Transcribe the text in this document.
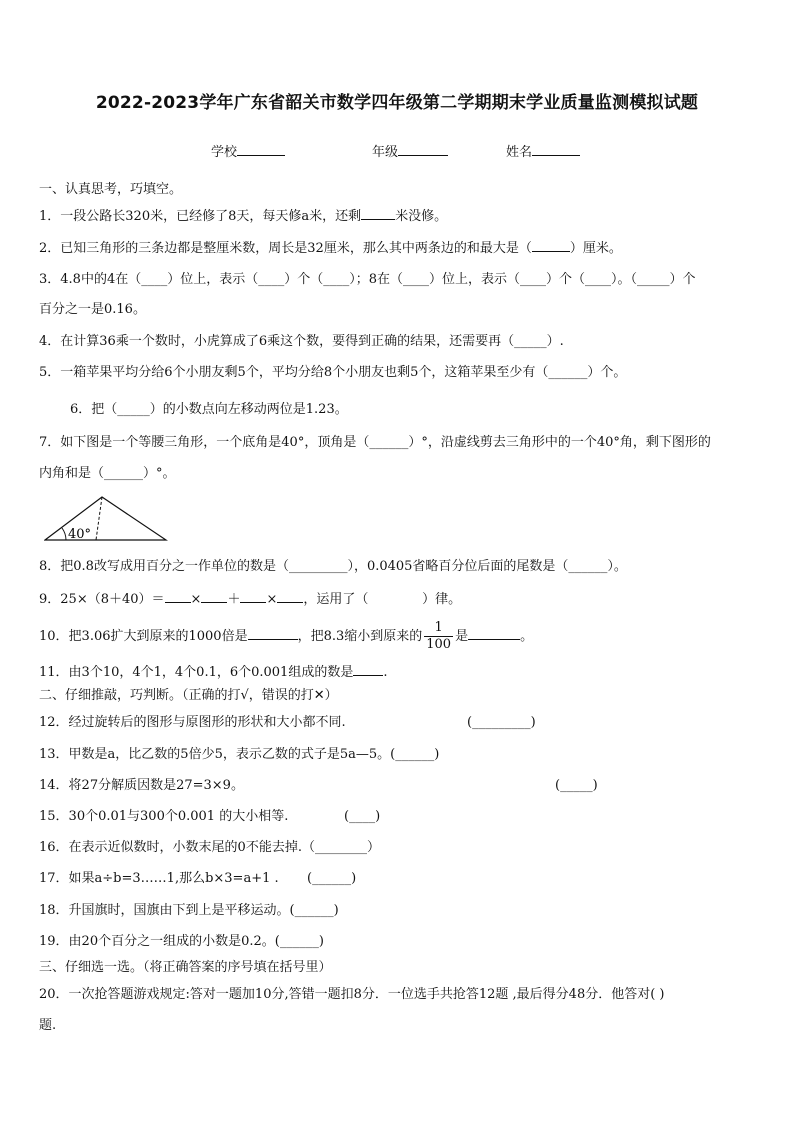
2022-2023学年广东省韶关市数学四年级第二学期期末学业质量监测模拟试题
学校	年级	姓名
一、认真思考，巧填空。
1．一段公路长320米，已经修了8天，每天修a米，还剩	米没修。
2．已知三角形的三条边都是整厘米数，周长是32厘米，那么其中两条边的和最大是（	）厘米。
3．4.8中的4在（____）位上，表示（____）个（____）；8在（____）位上，表示（____）个（____）。（_____）个
百分之一是0.16。
4．在计算36乘一个数时，小虎算成了6乘这个数，要得到正确的结果，还需要再（_____）.
5．一箱苹果平均分给6个小朋友剩5个，平均分给8个小朋友也剩5个，这箱苹果至少有（______）个。
6．把（_____）的小数点向左移动两位是1.23。
7．如下图是一个等腰三角形，一个底角是40°，顶角是（______）°，沿虚线剪去三角形中的一个40°角，剩下图形的
内角和是（______）°。
40°
8．把0.8改写成用百分之一作单位的数是（_________），0.0405省略百分位后面的尾数是（______）。
9．25×（8＋40）＝ × ＋ × ，运用了（	）律。
10．把3.06扩大到原来的1000倍是	，把8.3缩小到原来的 $\frac{1}{100}$ 是	。
11．由3个10，4个1，4个0.1，6个0.001组成的数是 .
二、仔细推敲，巧判断。（正确的打√，错误的打✕）
12．经过旋转后的图形与原图形的形状和大小都不同.	(_________)
13．甲数是a，比乙数的5倍少5，表示乙数的式子是5a—5。(______)
14．将27分解质因数是27=3×9。	(_____)
15．30个0.01与300个0.001 的大小相等.	(____)
16．在表示近似数时，小数末尾的0不能去掉.（________）
17．如果a÷b=3……1,那么b×3=a+1 . (______)
18．升国旗时，国旗由下到上是平移运动。(______)
19．由20个百分之一组成的小数是0.2。(______)
三、仔细选一选。（将正确答案的序号填在括号里）
20．一次抢答题游戏规定:答对一题加10分,答错一题扣8分．一位选手共抢答12题 ,最后得分48分．他答对( )
题.
